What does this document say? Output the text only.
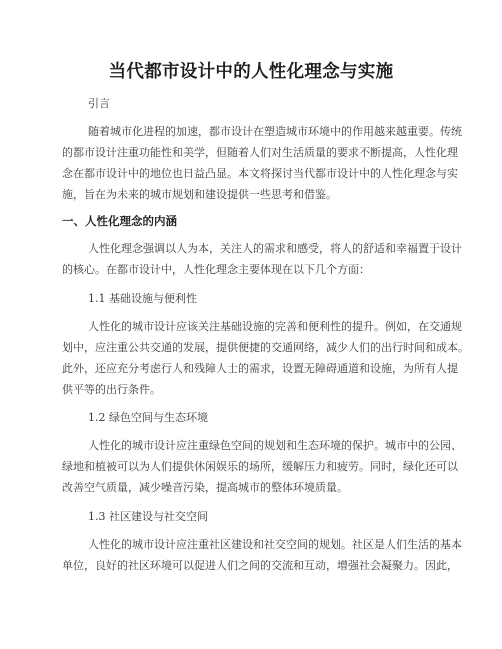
当代都市设计中的人性化理念与实施
引言
随着城市化进程的加速，都市设计在塑造城市环境中的作用越来越重要。传统
的都市设计注重功能性和美学，但随着人们对生活质量的要求不断提高，人性化理
念在都市设计中的地位也日益凸显。本文将探讨当代都市设计中的人性化理念与实
施，旨在为未来的城市规划和建设提供一些思考和借鉴。
一、人性化理念的内涵
人性化理念强调以人为本，关注人的需求和感受，将人的舒适和幸福置于设计
的核心。在都市设计中，人性化理念主要体现在以下几个方面：
1.1 基础设施与便利性
人性化的城市设计应该关注基础设施的完善和便利性的提升。例如，在交通规
划中，应注重公共交通的发展，提供便捷的交通网络，减少人们的出行时间和成本。
此外，还应充分考虑行人和残障人士的需求，设置无障碍通道和设施，为所有人提
供平等的出行条件。
1.2 绿色空间与生态环境
人性化的城市设计应注重绿色空间的规划和生态环境的保护。城市中的公园、
绿地和植被可以为人们提供休闲娱乐的场所，缓解压力和疲劳。同时，绿化还可以
改善空气质量，减少噪音污染，提高城市的整体环境质量。
1.3 社区建设与社交空间
人性化的城市设计应注重社区建设和社交空间的规划。社区是人们生活的基本
单位，良好的社区环境可以促进人们之间的交流和互动，增强社会凝聚力。因此，
